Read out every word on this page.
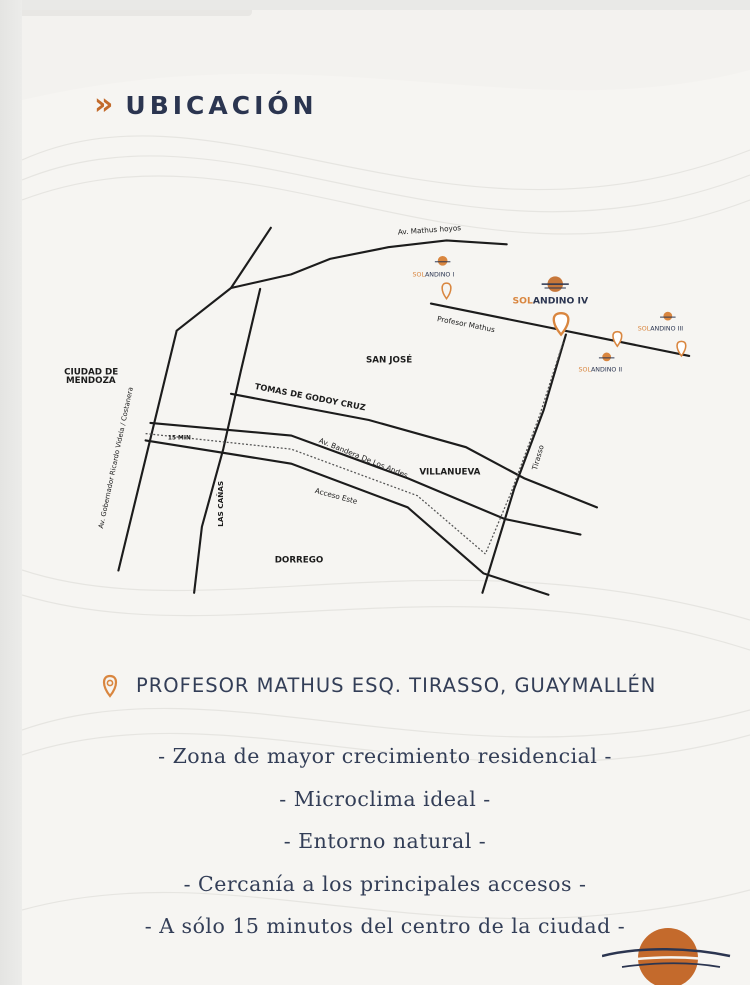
» UBICACIÓN
Av. Mathus hoyos
Profesor Mathus
TOMAS DE GODOY CRUZ
Av. Bandera De Los Andes
Acceso Este
Tirasso
LAS CAÑAS
Av. Gobernador Ricardo Videla / Costanera	15 MIN
CIUDAD DE
MENDOZA
SAN JOSÉ
VILLANUEVA
DORREGO
SOLANDINO I
SOLANDINO IV
SOLANDINO III
SOLANDINO II
PROFESOR MATHUS ESQ. TIRASSO, GUAYMALLÉN
- Zona de mayor crecimiento residencial -
- Microclima ideal -
- Entorno natural -
- Cercanía a los principales accesos -
- A sólo 15 minutos del centro de la ciudad -
